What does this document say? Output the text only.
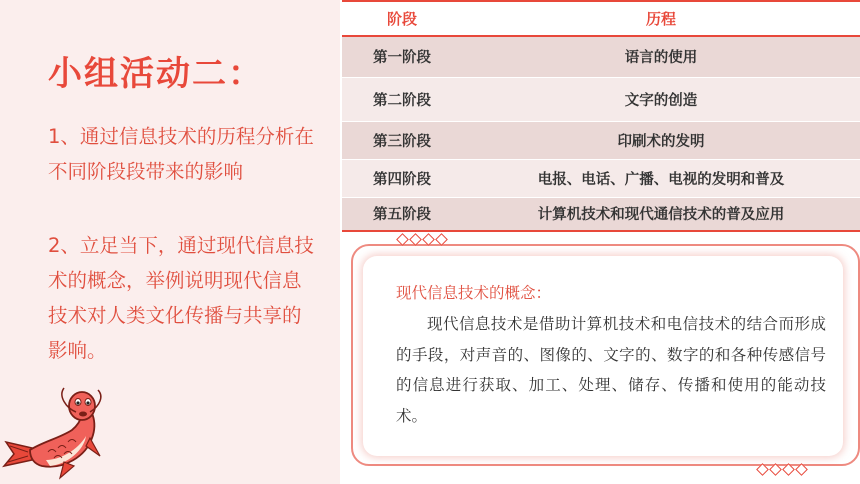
小组活动二：
1、通过信息技术的历程分析在不同阶段段带来的影响
2、立足当下，通过现代信息技术的概念，举例说明现代信息技术对人类文化传播与共享的影响。
阶段	历程
第一阶段	语言的使用
第二阶段	文字的创造
第三阶段	印刷术的发明
第四阶段	电报、电话、广播、电视的发明和普及
第五阶段	计算机技术和现代通信技术的普及应用
现代信息技术的概念：
现代信息技术是借助计算机技术和电信技术的结合而形成的手段，对声音的、图像的、文字的、数字的和各种传感信号的信息进行获取、加工、处理、储存、传播和使用的能动技术。
